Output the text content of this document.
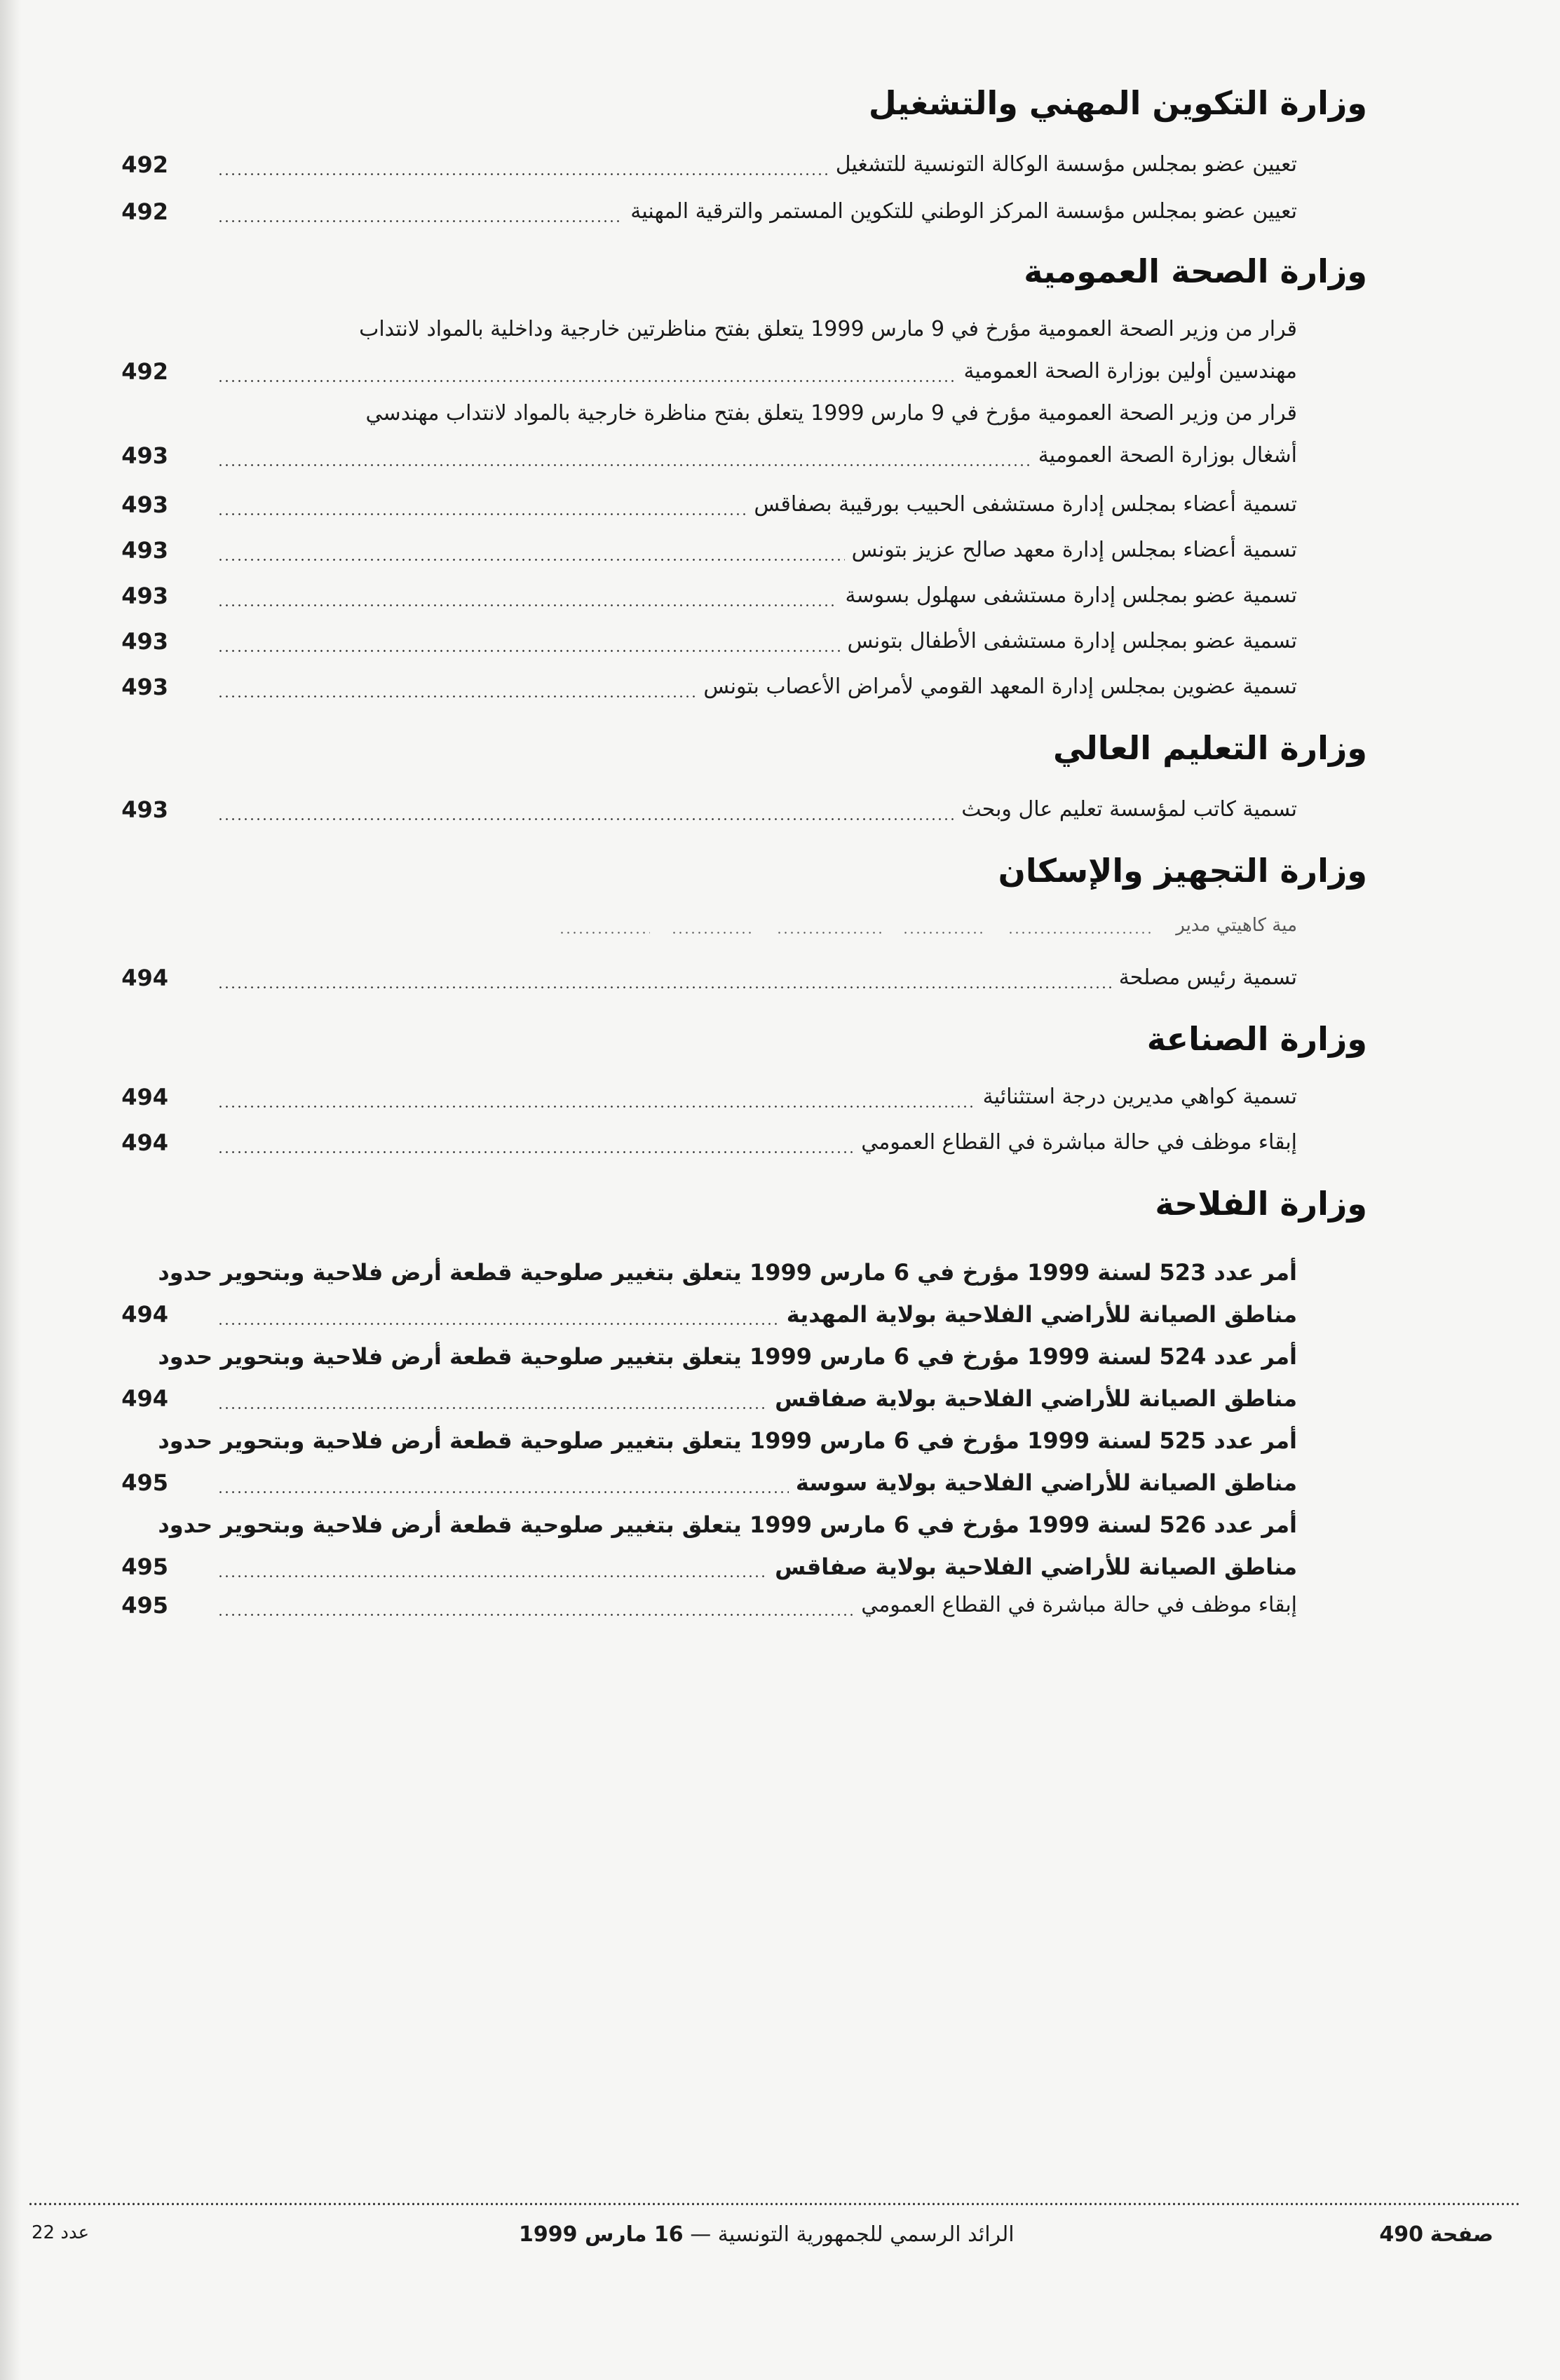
وزارة التكوين المهني والتشغيل
تعيين عضو بمجلس مؤسسة الوكالة التونسية للتشغيل
492
تعيين عضو بمجلس مؤسسة المركز الوطني للتكوين المستمر والترقية المهنية
492
وزارة الصحة العمومية
قرار من وزير الصحة العمومية مؤرخ في 9 مارس 1999 يتعلق بفتح مناظرتين خارجية وداخلية بالمواد لانتداب
مهندسين أولين بوزارة الصحة العمومية
492
قرار من وزير الصحة العمومية مؤرخ في 9 مارس 1999 يتعلق بفتح مناظرة خارجية بالمواد لانتداب مهندسي
أشغال بوزارة الصحة العمومية
493
تسمية أعضاء بمجلس إدارة مستشفى الحبيب بورقيبة بصفاقس
493
تسمية أعضاء بمجلس إدارة معهد صالح عزيز بتونس
493
تسمية عضو بمجلس إدارة مستشفى سهلول بسوسة
493
تسمية عضو بمجلس إدارة مستشفى الأطفال بتونس
493
تسمية عضوين بمجلس إدارة المعهد القومي لأمراض الأعصاب بتونس
493
وزارة التعليم العالي
تسمية كاتب لمؤسسة تعليم عال وبحث
493
وزارة التجهيز والإسكان
مية كاهيتي مدير
تسمية رئيس مصلحة
494
وزارة الصناعة
تسمية كواهي مديرين درجة استثنائية
494
إبقاء موظف في حالة مباشرة في القطاع العمومي
494
وزارة الفلاحة
أمر عدد 523 لسنة 1999 مؤرخ في 6 مارس 1999 يتعلق بتغيير صلوحية قطعة أرض فلاحية وبتحوير حدود
مناطق الصيانة للأراضي الفلاحية بولاية المهدية
494
أمر عدد 524 لسنة 1999 مؤرخ في 6 مارس 1999 يتعلق بتغيير صلوحية قطعة أرض فلاحية وبتحوير حدود
مناطق الصيانة للأراضي الفلاحية بولاية صفاقس
494
أمر عدد 525 لسنة 1999 مؤرخ في 6 مارس 1999 يتعلق بتغيير صلوحية قطعة أرض فلاحية وبتحوير حدود
مناطق الصيانة للأراضي الفلاحية بولاية سوسة
495
أمر عدد 526 لسنة 1999 مؤرخ في 6 مارس 1999 يتعلق بتغيير صلوحية قطعة أرض فلاحية وبتحوير حدود
مناطق الصيانة للأراضي الفلاحية بولاية صفاقس
495
إبقاء موظف في حالة مباشرة في القطاع العمومي
495
صفحة 490
الرائد الرسمي للجمهورية التونسية — 16 مارس 1999
عدد 22
